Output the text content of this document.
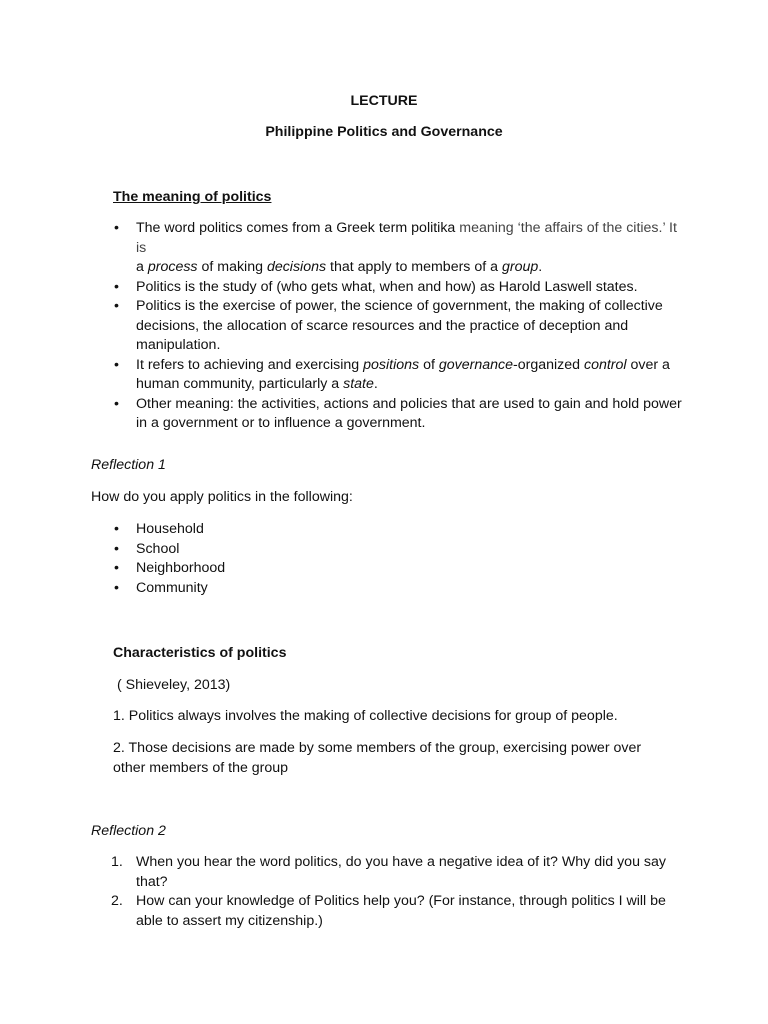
LECTURE
Philippine Politics and Governance
The meaning of politics
• The word politics comes from a Greek term politika meaning ‘the affairs of the cities.’ It is
a process of making decisions that apply to members of a group.
• Politics is the study of (who gets what, when and how) as Harold Laswell states.
• Politics is the exercise of power, the science of government, the making of collective decisions, the allocation of scarce resources and the practice of deception and manipulation.
• It refers to achieving and exercising positions of governance-organized control over a human community, particularly a state.
• Other meaning: the activities, actions and policies that are used to gain and hold power in a government or to influence a government.
Reflection 1
How do you apply politics in the following:
• Household
• School
• Neighborhood
• Community
Characteristics of politics
( Shieveley, 2013)
1. Politics always involves the making of collective decisions for group of people.
2. Those decisions are made by some members of the group, exercising power over other members of the group
Reflection 2
1. When you hear the word politics, do you have a negative idea of it? Why did you say that?
2. How can your knowledge of Politics help you? (For instance, through politics I will be able to assert my citizenship.)
